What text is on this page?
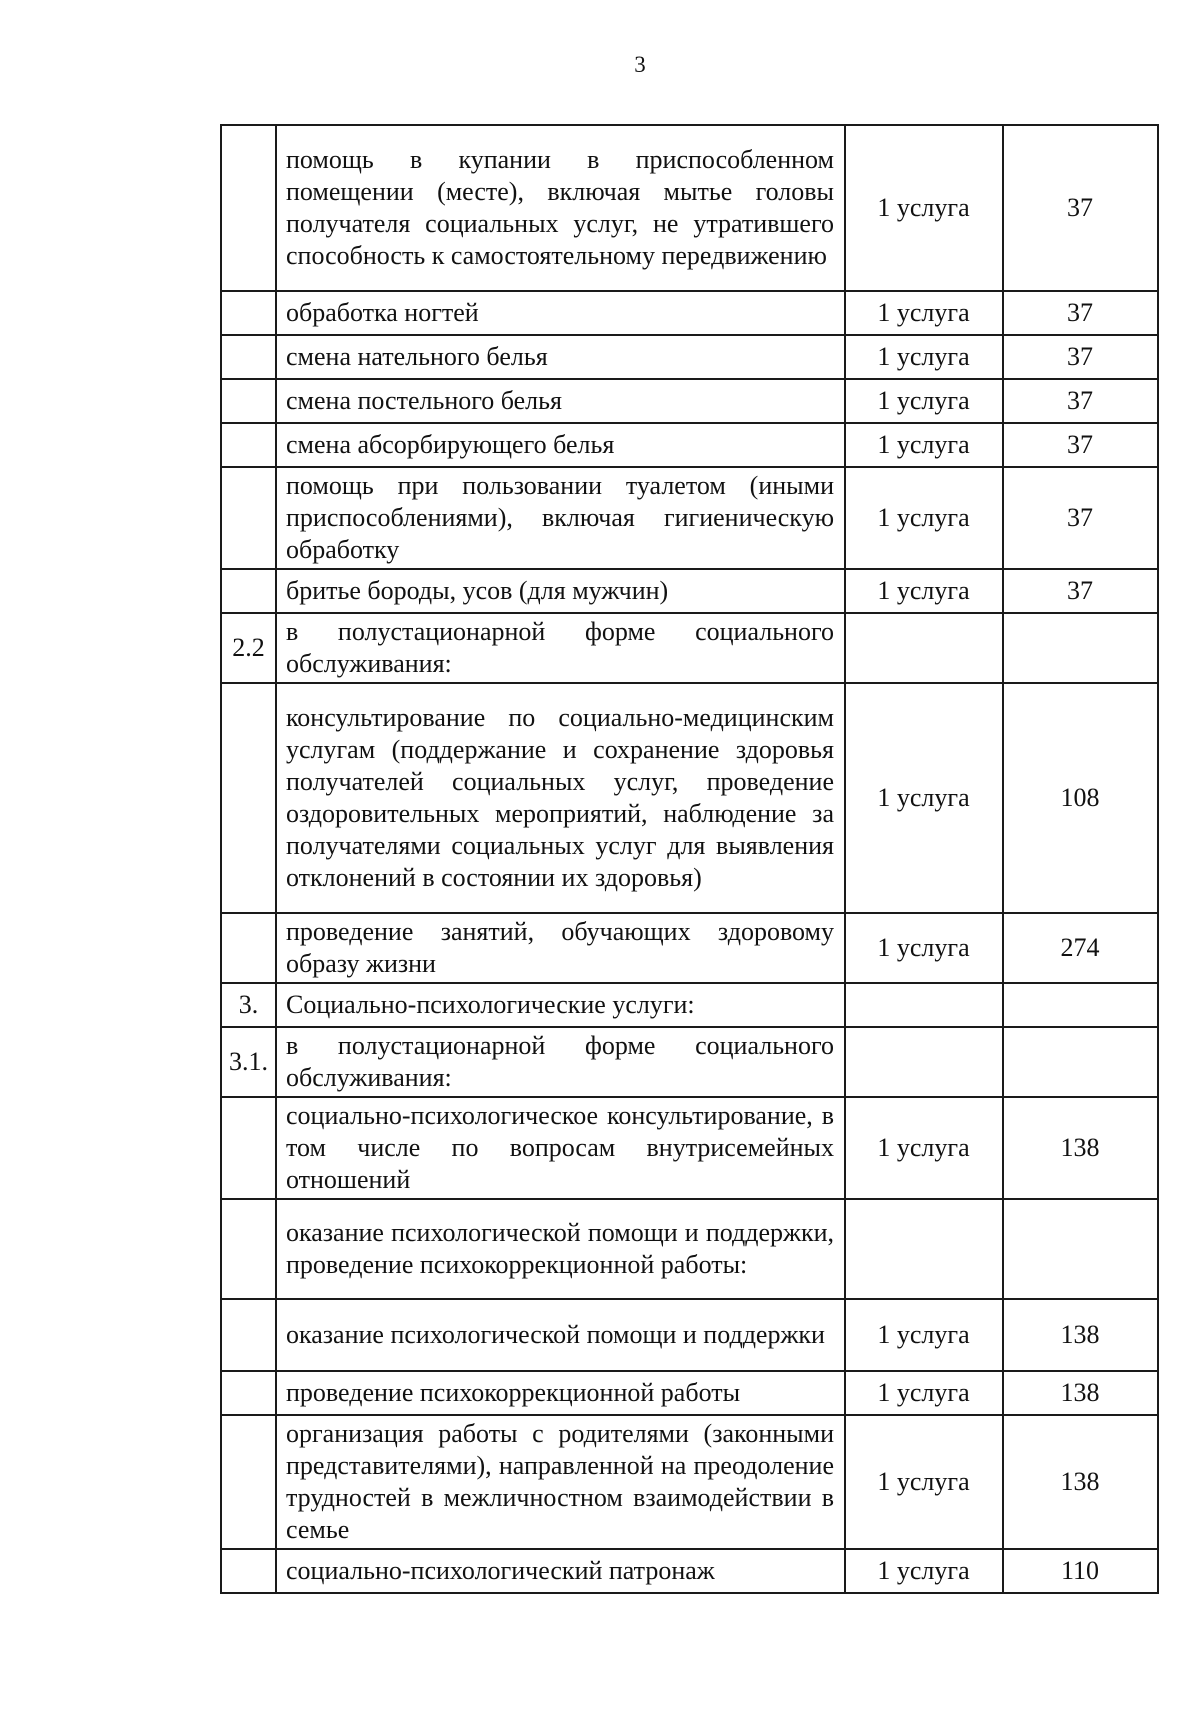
3
	помощь в купании в приспособленном помещении (месте), включая мытье головы получателя социальных услуг, не утратившего способность к самостоятельному передвижению	1 услуга	37
	обработка ногтей	1 услуга	37
	смена нательного белья	1 услуга	37
	смена постельного белья	1 услуга	37
	смена абсорбирующего белья	1 услуга	37
	помощь при пользовании туалетом (иными приспособлениями), включая гигиеническую обработку	1 услуга	37
	бритье бороды, усов (для мужчин)	1 услуга	37
2.2	в полустационарной форме социального обслуживания:		
	консультирование по социально-медицинским услугам (поддержание и сохранение здоровья получателей социальных услуг, проведение оздоровительных мероприятий, наблюдение за получателями социальных услуг для выявления отклонений в состоянии их здоровья)	1 услуга	108
	проведение занятий, обучающих здоровому образу жизни	1 услуга	274
3.	Социально-психологические услуги:		
3.1.	в полустационарной форме социального обслуживания:		
	социально-психологическое консультирование, в том числе по вопросам внутрисемейных отношений	1 услуга	138
	оказание психологической помощи и поддержки, проведение психокоррекционной работы:		
	оказание психологической помощи и поддержки	1 услуга	138
	проведение психокоррекционной работы	1 услуга	138
	организация работы с родителями (законными представителями), направленной на преодоление трудностей в межличностном взаимодействии в семье	1 услуга	138
	социально-психологический патронаж	1 услуга	110
